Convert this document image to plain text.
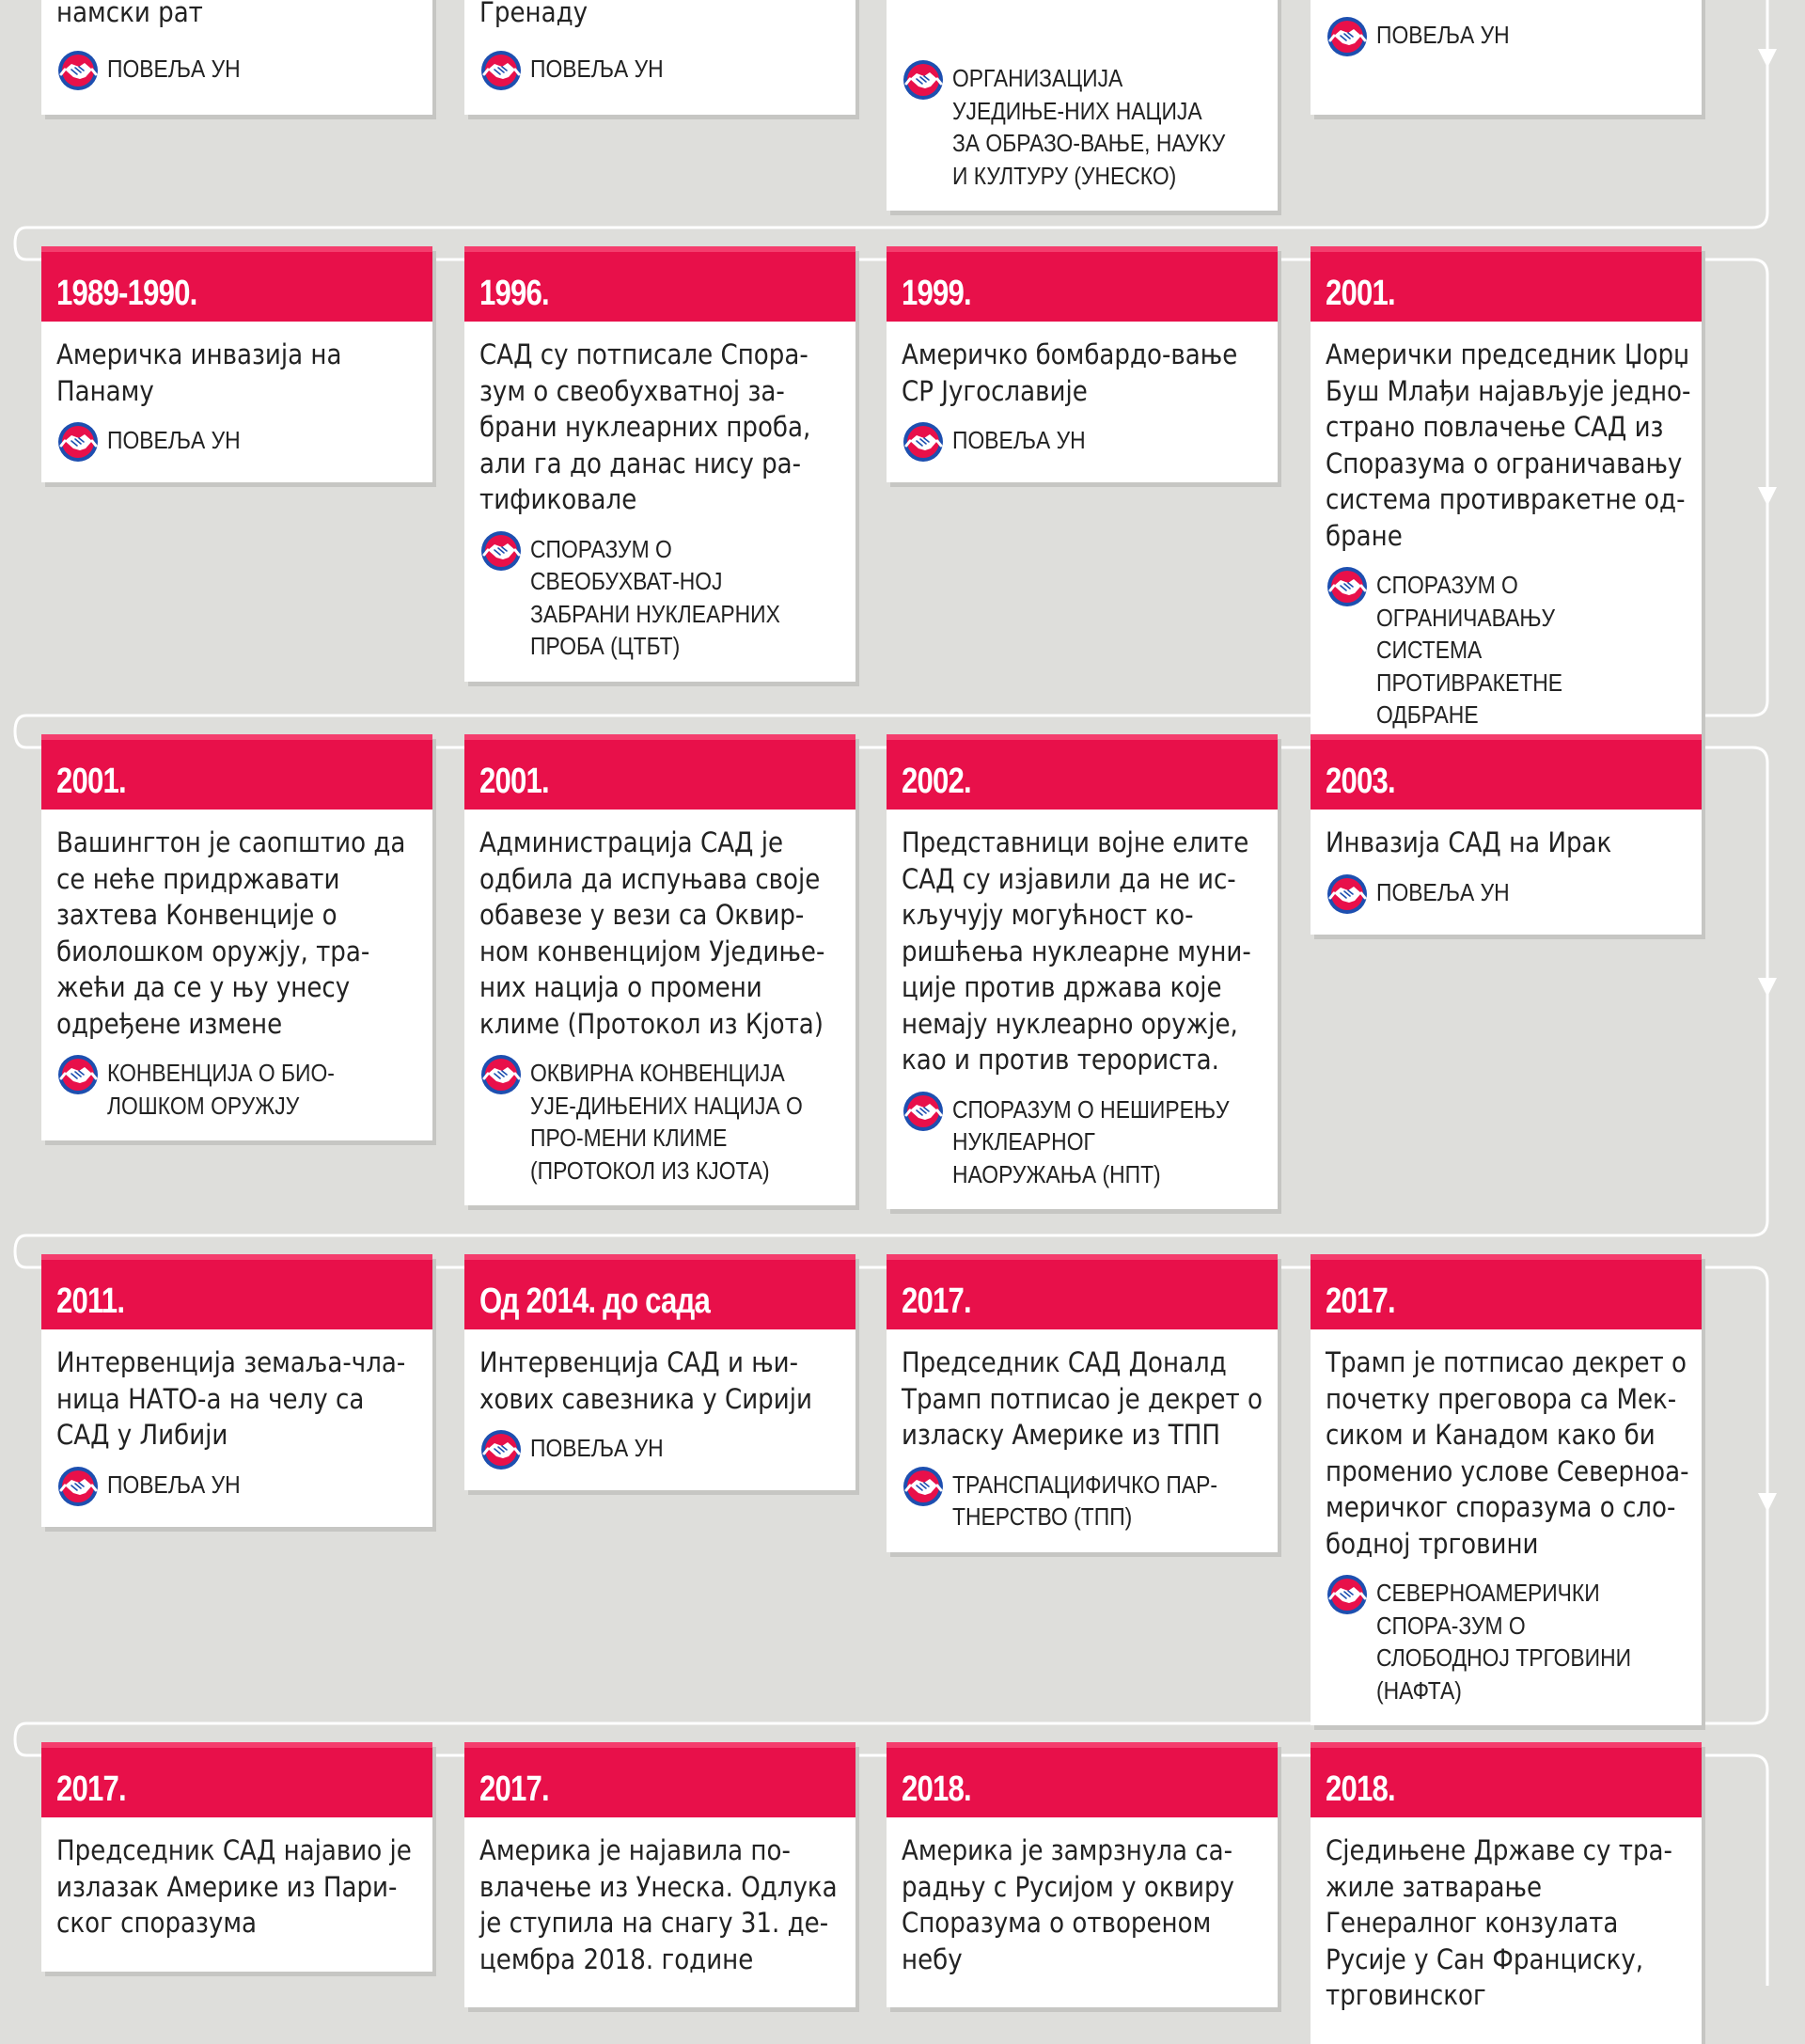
намски рат
ПОВЕЉА УН
Гренаду
ПОВЕЉА УН	ОРГАНИЗАЦИЈА УЈЕДИЊЕ-НИХ НАЦИЈА ЗА ОБРАЗО-ВАЊЕ, НАУКУ И КУЛТУРУ (УНЕСКО)
ПОВЕЉА УН
1989-1990.

Америчка инвазија на Панаму

ПОВЕЉА УН
1996.

САД су потписале Спора-зум о свеобухватној за-брани нуклеарних проба, али га до данас нису ра-тификовале

СПОРАЗУМ О СВЕОБУХВАТ-НОЈ ЗАБРАНИ НУКЛЕАРНИХ ПРОБА (ЦТБТ)
1999.

Америчко бомбардо-вање СР Југославије

ПОВЕЉА УН
2001.

Амерички председник Џорџ Буш Млађи најављује једно-страно повлачење САД из Споразума о ограничавању система противракетне од-бране

СПОРАЗУМ О ОГРАНИЧАВАЊУ СИСТЕМА ПРОТИВРАКЕТНЕ ОДБРАНЕ
2001.

Вашингтон је саопштио да се неће придржавати захтева Конвенције о биолошком оружју, тра-жећи да се у њу унесу одређене измене

КОНВЕНЦИЈА О БИО-ЛОШКОМ ОРУЖЈУ
2001.

Администрација САД је одбила да испуњава своје обавезе у вези са Оквир-ном конвенцијом Уједиње-них нација о промени климе (Протокол из Кјота)

ОКВИРНА КОНВЕНЦИЈА УЈЕ-ДИЊЕНИХ НАЦИЈА О ПРО-МЕНИ КЛИМЕ (ПРОТОКОЛ ИЗ КЈОТА)
2002.

Представници војне елите САД су изјавили да не ис-кључују могућност ко-ришћења нуклеарне муни-ције против држава које немају нуклеарно оружје, као и против терориста.

СПОРАЗУМ О НЕШИРЕЊУ НУКЛЕАРНОГ НАОРУЖАЊА (НПТ)
2003.

Инвазија САД на Ирак

ПОВЕЉА УН
2011.

Интервенција земаља-чла-ница НАТО-а на челу са САД у Либији

ПОВЕЉА УН
Од 2014. до сада

Интервенција САД и њи-хових савезника у Сирији

ПОВЕЉА УН
2017.

Председник САД Доналд Трамп потписао је декрет о изласку Америке из ТПП

ТРАНСПАЦИФИЧКО ПАР-ТНЕРСТВО (ТПП)
2017.

Трамп је потписао декрет о почетку преговора са Мек-сиком и Канадом како би променио услове Северноа-меричког споразума о сло-бодној трговини

СЕВЕРНОАМЕРИЧКИ СПОРА-ЗУМ О СЛОБОДНОЈ ТРГОВИНИ (НАФТА)
2017.

Председник САД најавио је излазак Америке из Пари-ског споразума

2017.

Америка је најавила по-влачење из Унеска. Одлука је ступила на снагу 31. де-цембра 2018. године

2018.

Америка је замрзнула са-радњу с Русијом у оквиру Споразума о отвореном небу

2018.

Сједињене Државе су тра-жиле затварање Генералног конзулата Русије у Сан Франциску, трговинског
